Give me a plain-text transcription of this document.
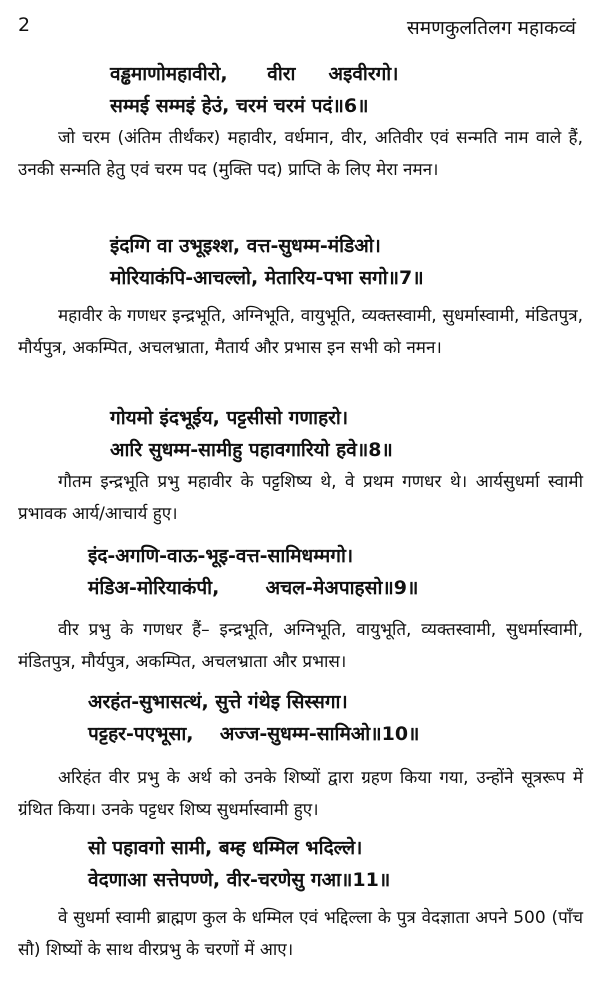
2	समणकुलतिलग महाकव्वं
वड्ढमाणोमहावीरो,      वीरा     अइवीरगो।
सम्मई सम्मइं हेउं, चरमं चरमं पदं॥6॥
जो चरम (अंतिम तीर्थंकर) महावीर, वर्धमान, वीर, अतिवीर एवं सन्मति नाम वाले हैं, उनकी सन्मति हेतु एवं चरम पद (मुक्ति पद) प्राप्ति के लिए मेरा नमन।
इंदग्गि वा उभूइश्श, वत्त-सुधम्म-मंडिओ।
मोरियाकंपि-आचल्लो, मेतारिय-पभा सगो॥7॥
महावीर के गणधर इन्द्रभूति, अग्निभूति, वायुभूति, व्यक्तस्वामी, सुधर्मास्वामी, मंडितपुत्र, मौर्यपुत्र, अकम्पित, अचलभ्राता, मैतार्य और प्रभास इन सभी को नमन।
गोयमो इंदभूईय, पट्टसीसो गणाहरो।
आरि सुधम्म-सामीहु पहावगारियो हवे॥8॥
गौतम इन्द्रभूति प्रभु महावीर के पट्टशिष्य थे, वे प्रथम गणधर थे। आर्यसुधर्मा स्वामी प्रभावक आर्य/आचार्य हुए।
इंद-अगणि-वाऊ-भूइ-वत्त-सामिधम्मगो।
मंडिअ-मोरियाकंपी,       अचल-मेअपाहसो॥9॥
वीर प्रभु के गणधर हैं– इन्द्रभूति, अग्निभूति, वायुभूति, व्यक्तस्वामी, सुधर्मास्वामी, मंडितपुत्र, मौर्यपुत्र, अकम्पित, अचलभ्राता और प्रभास।
अरहंत-सुभासत्थं, सुत्ते गंथेइ सिस्सगा।
पट्टहर-पएभूसा,    अज्ज-सुधम्म-सामिओ॥10॥
अरिहंत वीर प्रभु के अर्थ को उनके शिष्यों द्वारा ग्रहण किया गया, उन्होंने सूत्ररूप में ग्रंथित किया। उनके पट्टधर शिष्य सुधर्मास्वामी हुए।
सो पहावगो सामी, बम्ह धम्मिल भदिल्ले।
वेदणाआ सत्तेपण्णे, वीर-चरणेसु गआ॥11॥
वे सुधर्मा स्वामी ब्राह्मण कुल के धम्मिल एवं भद्दिल्ला के पुत्र वेदज्ञाता अपने 500 (पाँच सौ) शिष्यों के साथ वीरप्रभु के चरणों में आए।
